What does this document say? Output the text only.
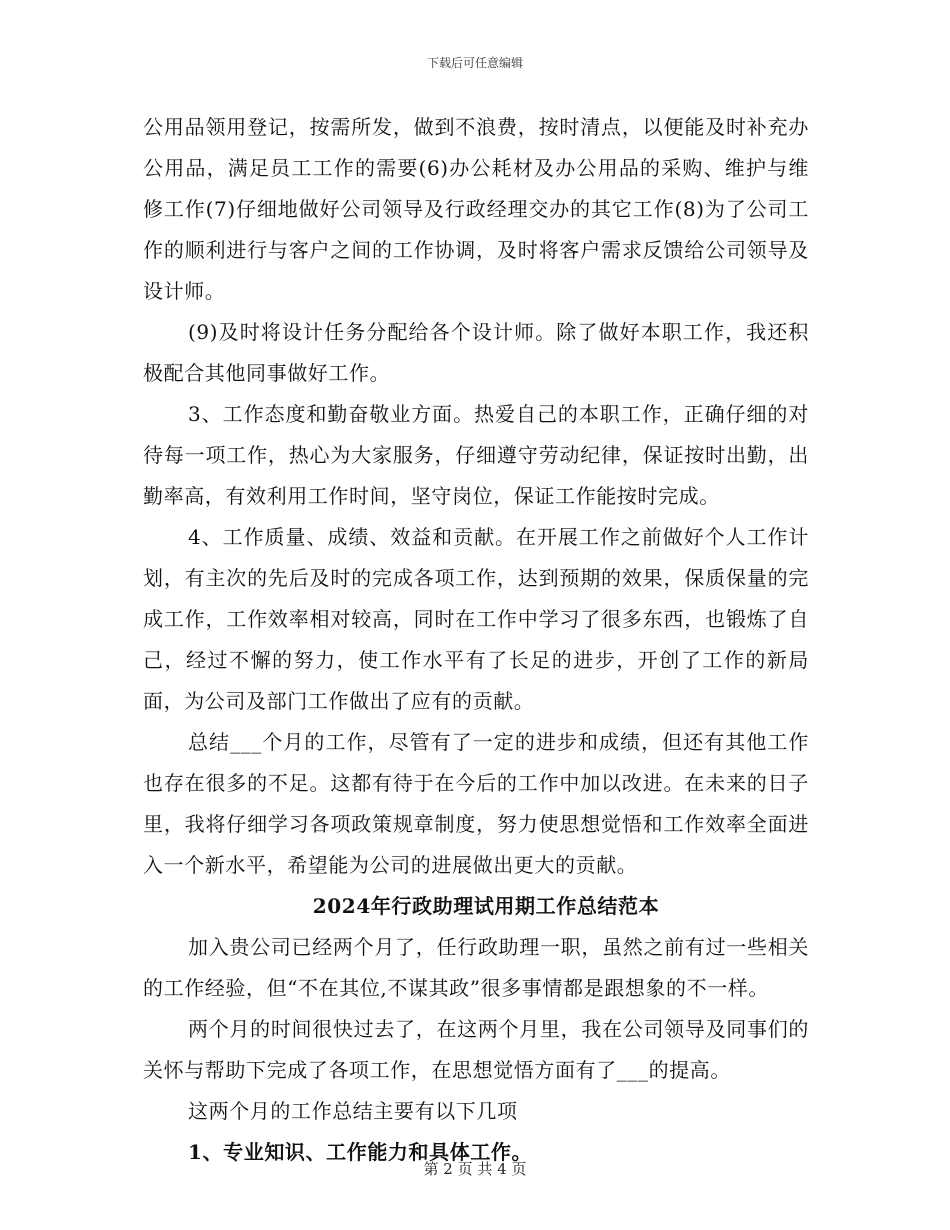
下载后可任意编辑

公用品领用登记，按需所发，做到不浪费，按时清点，以便能及时补充办公用品，满足员工工作的需要(6)办公耗材及办公用品的采购、维护与维修工作(7)仔细地做好公司领导及行政经理交办的其它工作(8)为了公司工作的顺利进行与客户之间的工作协调，及时将客户需求反馈给公司领导及设计师。

(9)及时将设计任务分配给各个设计师。除了做好本职工作，我还积极配合其他同事做好工作。

3、工作态度和勤奋敬业方面。热爱自己的本职工作，正确仔细的对待每一项工作，热心为大家服务，仔细遵守劳动纪律，保证按时出勤，出勤率高，有效利用工作时间，坚守岗位，保证工作能按时完成。

4、工作质量、成绩、效益和贡献。在开展工作之前做好个人工作计划，有主次的先后及时的完成各项工作，达到预期的效果，保质保量的完成工作，工作效率相对较高，同时在工作中学习了很多东西，也锻炼了自己，经过不懈的努力，使工作水平有了长足的进步，开创了工作的新局面，为公司及部门工作做出了应有的贡献。

总结___个月的工作，尽管有了一定的进步和成绩，但还有其他工作也存在很多的不足。这都有待于在今后的工作中加以改进。在未来的日子里，我将仔细学习各项政策规章制度，努力使思想觉悟和工作效率全面进入一个新水平，希望能为公司的进展做出更大的贡献。

2024年行政助理试用期工作总结范本

加入贵公司已经两个月了，任行政助理一职，虽然之前有过一些相关的工作经验，但“不在其位,不谋其政”很多事情都是跟想象的不一样。

两个月的时间很快过去了，在这两个月里，我在公司领导及同事们的关怀与帮助下完成了各项工作，在思想觉悟方面有了___的提高。

这两个月的工作总结主要有以下几项

1、专业知识、工作能力和具体工作。

第 2 页 共 4 页
